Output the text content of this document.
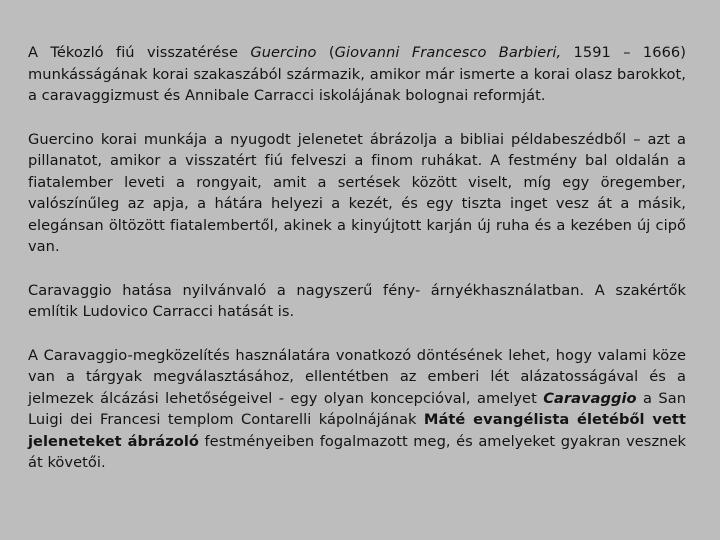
A Tékozló fiú visszatérése Guercino (Giovanni Francesco Barbieri, 1591 – 1666) munkásságának korai szakaszából származik, amikor már ismerte a korai olasz barokkot, a caravaggizmust és Annibale Carracci iskolájának bolognai reformját.

Guercino korai munkája a nyugodt jelenetet ábrázolja a bibliai példabeszédből – azt a pillanatot, amikor a visszatért fiú felveszi a finom ruhákat. A festmény bal oldalán a fiatalember leveti a rongyait, amit a sertések között viselt, míg egy öregember, valószínűleg az apja, a hátára helyezi a kezét, és egy tiszta inget vesz át a másik, elegánsan öltözött fiatalembertől, akinek a kinyújtott karján új ruha és a kezében új cipő van.

Caravaggio hatása nyilvánvaló a nagyszerű fény- árnyékhasználatban. A szakértők említik Ludovico Carracci hatását is.

A Caravaggio-megközelítés használatára vonatkozó döntésének lehet, hogy valami köze van a tárgyak megválasztásához, ellentétben az emberi lét alázatosságával és a jelmezek álcázási lehetőségeivel - egy olyan koncepcióval, amelyet Caravaggio a San Luigi dei Francesi templom Contarelli kápolnájának Máté evangélista életéből vett jeleneteket ábrázoló festményeiben fogalmazott meg, és amelyeket gyakran vesznek át követői.
